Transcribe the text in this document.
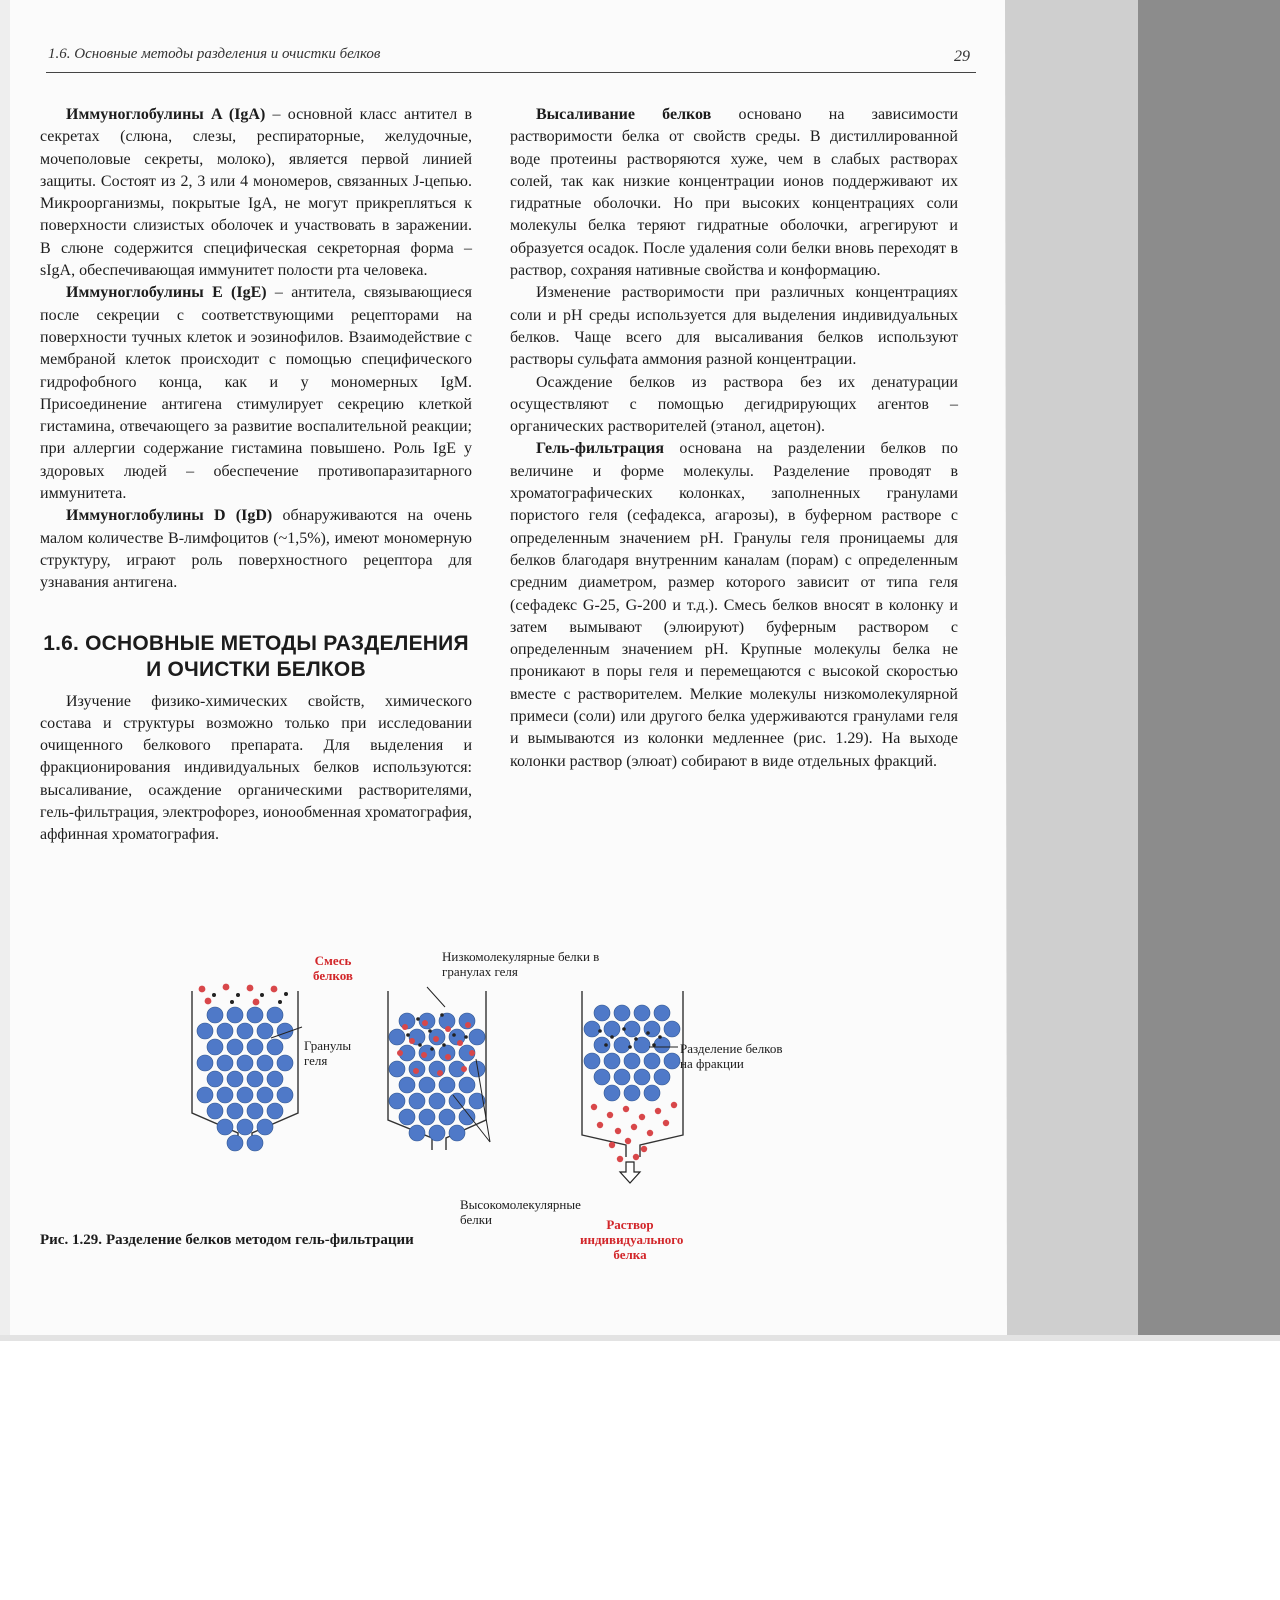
1.6. Основные методы разделения и очистки белков	29

Иммуноглобулины A (IgA) – основной класс антител в секретах (слюна, слезы, респираторные, желудочные, мочеполовые секреты, молоко), является первой линией защиты. Состоят из 2, 3 или 4 мономеров, связанных J-цепью. Микроорганизмы, покрытые IgA, не могут прикрепляться к поверхности слизистых оболочек и участвовать в заражении. В слюне содержится специфическая секреторная форма – sIgA, обеспечивающая иммунитет полости рта человека.

Иммуноглобулины E (IgE) – антитела, связывающиеся после секреции с соответствующими рецепторами на поверхности тучных клеток и эозинофилов. Взаимодействие с мембраной клеток происходит с помощью специфического гидрофобного конца, как и у мономерных IgM. Присоединение антигена стимулирует секрецию клеткой гистамина, отвечающего за развитие воспалительной реакции; при аллергии содержание гистамина повышено. Роль IgE у здоровых людей – обеспечение противопаразитарного иммунитета.

Иммуноглобулины D (IgD) обнаруживаются на очень малом количестве B-лимфоцитов (~1,5%), имеют мономерную структуру, играют роль поверхностного рецептора для узнавания антигена.

1.6. ОСНОВНЫЕ МЕТОДЫ РАЗДЕЛЕНИЯ И ОЧИСТКИ БЕЛКОВ

Изучение физико-химических свойств, химического состава и структуры возможно только при исследовании очищенного белкового препарата. Для выделения и фракционирования индивидуальных белков используются: высаливание, осаждение органическими растворителями, гель-фильтрация, электрофорез, ионообменная хроматография, аффинная хроматография.

Высаливание белков основано на зависимости растворимости белка от свойств среды. В дистиллированной воде протеины растворяются хуже, чем в слабых растворах солей, так как низкие концентрации ионов поддерживают их гидратные оболочки. Но при высоких концентрациях соли молекулы белка теряют гидратные оболочки, агрегируют и образуется осадок. После удаления соли белки вновь переходят в раствор, сохраняя нативные свойства и конформацию.

Изменение растворимости при различных концентрациях соли и pH среды используется для выделения индивидуальных белков. Чаще всего для высаливания белков используют растворы сульфата аммония разной концентрации.

Осаждение белков из раствора без их денатурации осуществляют с помощью дегидрирующих агентов – органических растворителей (этанол, ацетон).

Гель-фильтрация основана на разделении белков по величине и форме молекулы. Разделение проводят в хроматографических колонках, заполненных гранулами пористого геля (сефадекса, агарозы), в буферном растворе с определенным значением pH. Гранулы геля проницаемы для белков благодаря внутренним каналам (порам) с определенным средним диаметром, размер которого зависит от типа геля (сефадекс G-25, G-200 и т.д.). Смесь белков вносят в колонку и затем вымывают (элюируют) буферным раствором с определенным значением pH. Крупные молекулы белка не проникают в поры геля и перемещаются с высокой скоростью вместе с растворителем. Мелкие молекулы низкомолекулярной примеси (соли) или другого белка удерживаются гранулами геля и вымываются из колонки медленнее (рис. 1.29). На выходе колонки раствор (элюат) собирают в виде отдельных фракций.

Смесь белков
Низкомолекулярные белки в гранулах геля
Гранулы геля
Разделение белков на фракции
Высокомолекулярные белки	Раствор индивидуального белка
Рис. 1.29. Разделение белков методом гель-фильтрации
